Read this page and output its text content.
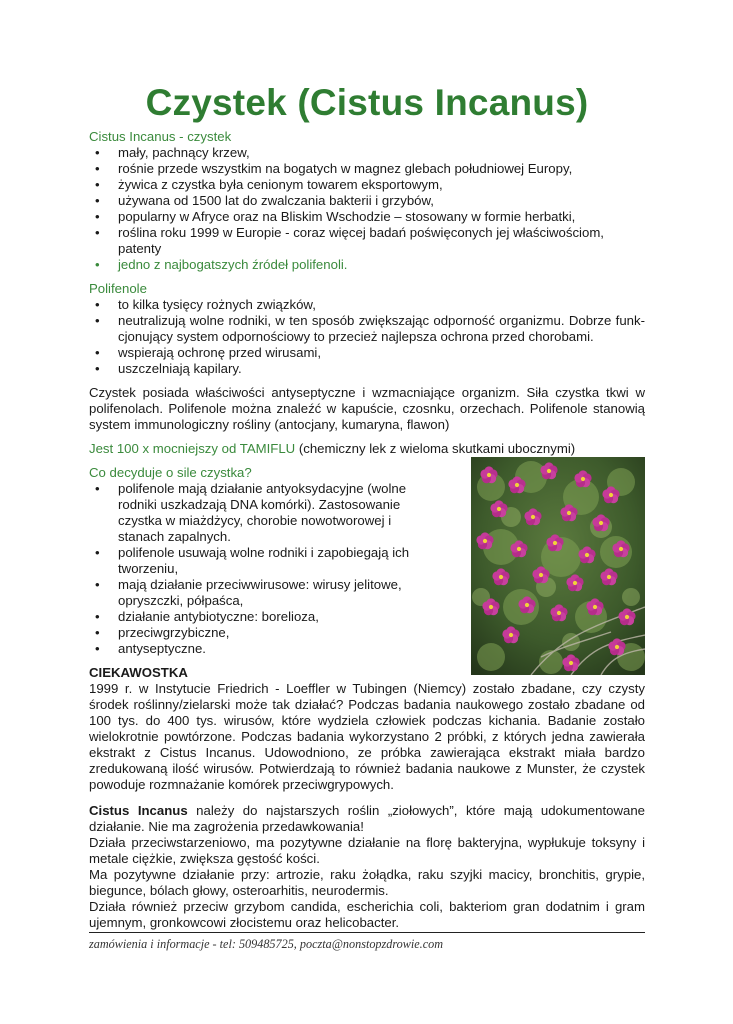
Czystek (Cistus Incanus)

Cistus Incanus - czystek

• mały, pachnący krzew,
• rośnie przede wszystkim na bogatych w magnez glebach południowej Europy,
• żywica z czystka była cenionym towarem eksportowym,
• używana od 1500 lat do zwalczania bakterii i grzybów,
• popularny w Afryce oraz na Bliskim Wschodzie – stosowany w formie herbatki,
• roślina roku 1999 w Europie - coraz więcej badań poświęconych jej właściwościom, patenty
• jedno z najbogatszych źródeł polifenoli.

Polifenole

• to kilka tysięcy rożnych związków,
• neutralizują wolne rodniki, w ten sposób zwiększając odporność organizmu. Dobrze funk-cjonujący system odpornościowy to przecież najlepsza ochrona przed chorobami.
• wspierają ochronę przed wirusami,
• uszczelniają kapilary.

Czystek posiada właściwości antyseptyczne i wzmacniające organizm. Siła czystka tkwi w polifenolach. Polifenole można znaleźć w kapuście, czosnku, orzechach. Polifenole stanowią system immunologiczny rośliny (antocjany, kumaryna, flawon)

Jest 100 x mocniejszy od TAMIFLU (chemiczny lek z wieloma skutkami ubocznymi)

Co decyduje o sile czystka?

• polifenole mają działanie antyoksydacyjne (wolne rodniki uszkadzają DNA komórki). Zastosowanie czystka w miażdżycy, chorobie nowotworowej i stanach zapalnych.
• polifenole usuwają wolne rodniki i zapobiegają ich tworzeniu,
• mają działanie przeciwwirusowe: wirusy jelitowe, opryszczki, półpaśca,
• działanie antybiotyczne: borelioza,
• przeciwgrzybiczne,
• antyseptyczne.

CIEKAWOSTKA

1999 r. w Instytucie Friedrich - Loeffler w Tubingen (Niemcy) zostało zbadane, czy czysty środek roślinny/zielarski może tak działać? Podczas badania naukowego zostało zbadane od 100 tys. do 400 tys. wirusów, które wydziela człowiek podczas kichania. Badanie zostało wielokrotnie powtórzone. Podczas badania wykorzystano 2 próbki, z których jedna zawierała ekstrakt z Cistus Incanus. Udowodniono, ze próbka zawierająca ekstrakt miała bardzo zredukowaną ilość wirusów. Potwierdzają to również badania naukowe z Munster, że czystek powoduje rozmnażanie komórek przeciwgrypowych.

Cistus Incanus należy do najstarszych roślin „ziołowych”, które mają udokumentowane działanie. Nie ma zagrożenia przedawkowania!

Działa przeciwstarzeniowo, ma pozytywne działanie na florę bakteryjna, wypłukuje toksyny i metale ciężkie, zwiększa gęstość kości.

Ma pozytywne działanie przy: artrozie, raku żołądka, raku szyjki macicy, bronchitis, grypie, biegunce, bólach głowy, osteroarhitis, neurodermis.

Działa również przeciw grzybom candida, escherichia coli, bakteriom gran dodatnim i gram ujemnym, gronkowcowi złocistemu oraz helicobacter.

zamówienia i informacje - tel: 509485725, poczta@nonstopzdrowie.com
